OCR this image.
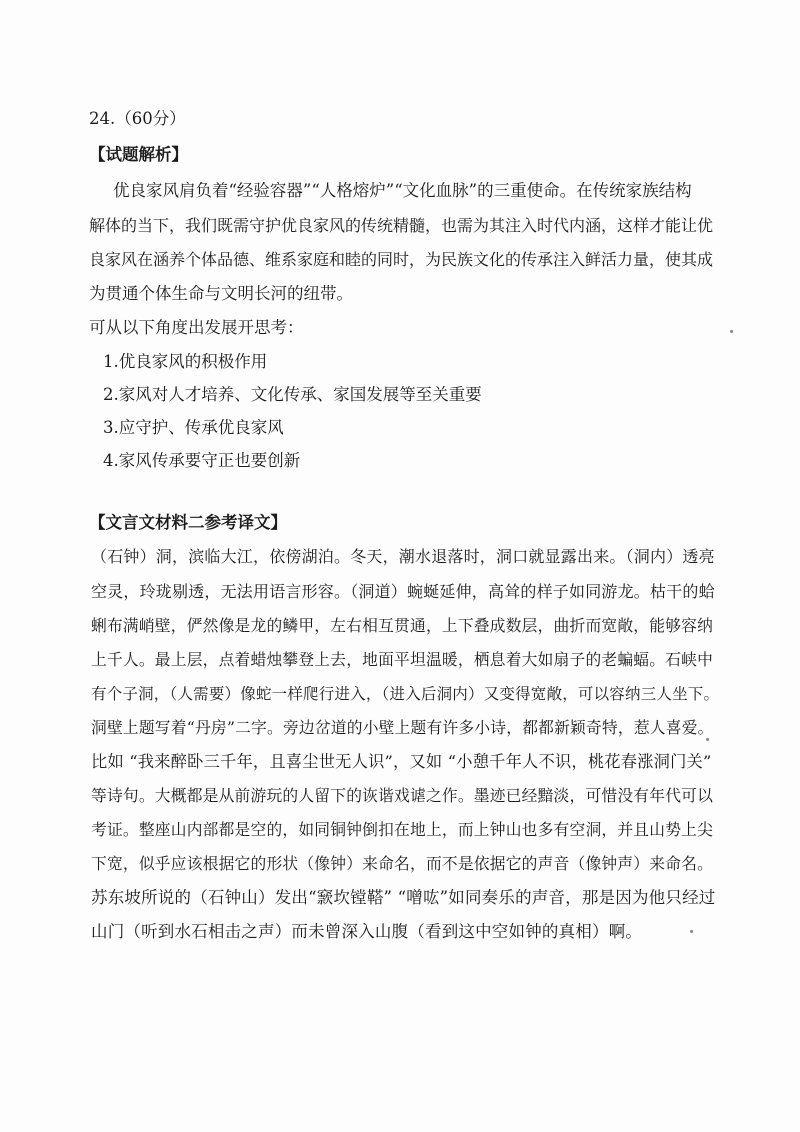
24.（60分）
【试题解析】
优良家风肩负着“经验容器”“人格熔炉”“文化血脉”的三重使命。在传统家族结构
解体的当下，我们既需守护优良家风的传统精髓，也需为其注入时代内涵，这样才能让优
良家风在涵养个体品德、维系家庭和睦的同时，为民族文化的传承注入鲜活力量，使其成
为贯通个体生命与文明长河的纽带。
可从以下角度出发展开思考：
1.优良家风的积极作用
2.家风对人才培养、文化传承、家国发展等至关重要
3.应守护、传承优良家风
4.家风传承要守正也要创新
【文言文材料二参考译文】
（石钟）洞，滨临大江，依傍湖泊。冬天，潮水退落时，洞口就显露出来。（洞内）透亮
空灵，玲珑剔透，无法用语言形容。（洞道）蜿蜒延伸，高耸的样子如同游龙。枯干的蛤
蜊布满峭壁，俨然像是龙的鳞甲，左右相互贯通，上下叠成数层，曲折而宽敞，能够容纳
上千人。最上层，点着蜡烛攀登上去，地面平坦温暖，栖息着大如扇子的老蝙蝠。石峡中
有个子洞，（人需要）像蛇一样爬行进入，（进入后洞内）又变得宽敞，可以容纳三人坐下。
洞壁上题写着“丹房”二字。旁边岔道的小壁上题有许多小诗，都都新颖奇特，惹人喜爱。
比如 “我来醉卧三千年，且喜尘世无人识”，又如 “小憩千年人不识，桃花春涨洞门关”
等诗句。大概都是从前游玩的人留下的诙谐戏谑之作。墨迹已经黯淡，可惜没有年代可以
考证。整座山内部都是空的，如同铜钟倒扣在地上，而上钟山也多有空洞，并且山势上尖
下宽，似乎应该根据它的形状（像钟）来命名，而不是依据它的声音（像钟声）来命名。
苏东坡所说的（石钟山）发出“窾坎镗鞳” “噌吰”如同奏乐的声音，那是因为他只经过
山门（听到水石相击之声）而未曾深入山腹（看到这中空如钟的真相）啊。
